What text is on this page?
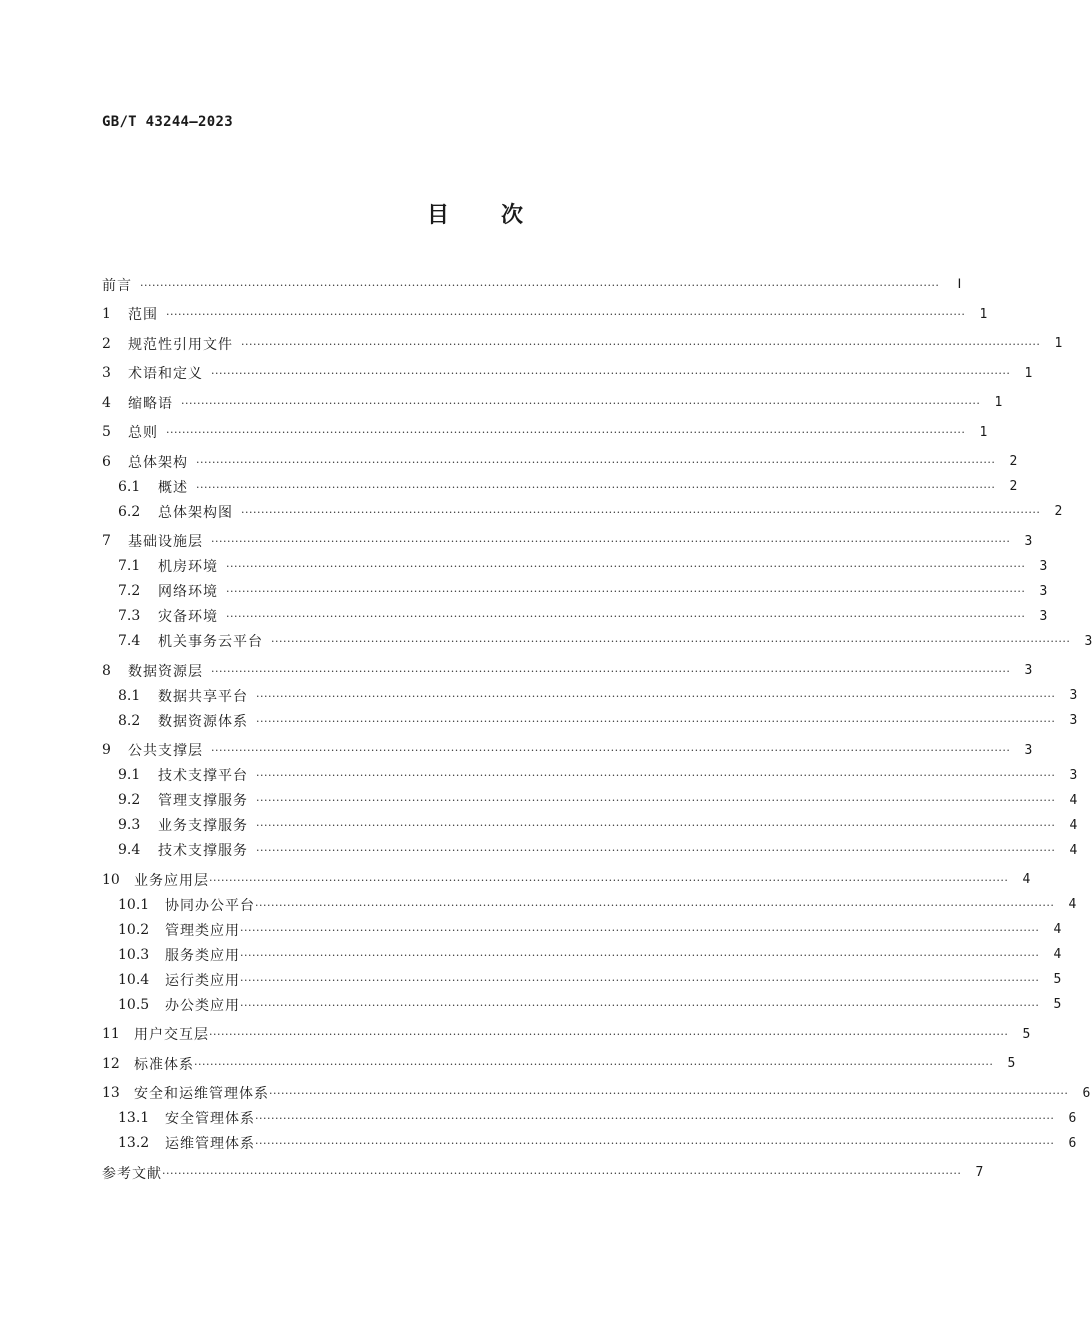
GB/T 43244—2023
目 次
前言 ········································································································································································································	Ⅰ
1	范围 ········································································································································································································	1
2	规范性引用文件 ········································································································································································································	1
3	术语和定义 ········································································································································································································	1
4	缩略语 ········································································································································································································	1
5	总则 ········································································································································································································	1
6	总体架构 ········································································································································································································	2
6.1	概述 ········································································································································································································	2
6.2	总体架构图 ········································································································································································································	2
7	基础设施层 ········································································································································································································	3
7.1	机房环境 ········································································································································································································	3
7.2	网络环境 ········································································································································································································	3
7.3	灾备环境 ········································································································································································································	3
7.4	机关事务云平台 ········································································································································································································	3
8	数据资源层 ········································································································································································································	3
8.1	数据共享平台 ········································································································································································································	3
8.2	数据资源体系 ········································································································································································································	3
9	公共支撑层 ········································································································································································································	3
9.1	技术支撑平台 ········································································································································································································	3
9.2	管理支撑服务 ········································································································································································································	4
9.3	业务支撑服务 ········································································································································································································	4
9.4	技术支撑服务 ········································································································································································································	4
10	业务应用层 ········································································································································································································	4
10.1	协同办公平台 ········································································································································································································	4
10.2	管理类应用 ········································································································································································································	4
10.3	服务类应用 ········································································································································································································	4
10.4	运行类应用 ········································································································································································································	5
10.5	办公类应用 ········································································································································································································	5
11	用户交互层 ········································································································································································································	5
12	标准体系 ········································································································································································································	5
13	安全和运维管理体系 ········································································································································································································	6
13.1	安全管理体系 ········································································································································································································	6
13.2	运维管理体系 ········································································································································································································	6
参考文献 ········································································································································································································	7
